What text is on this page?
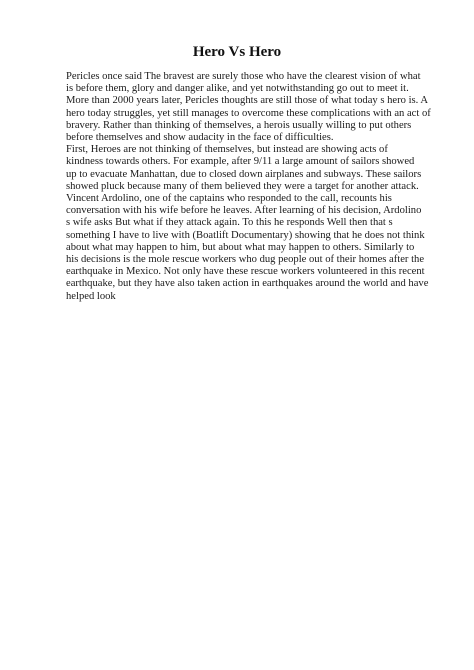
Hero Vs Hero
Pericles once said The bravest are surely those who have the clearest vision of what
is before them, glory and danger alike, and yet notwithstanding go out to meet it.
More than 2000 years later, Pericles thoughts are still those of what today s hero is. A
hero today struggles, yet still manages to overcome these complications with an act of
bravery. Rather than thinking of themselves, a herois usually willing to put others
before themselves and show audacity in the face of difficulties.
First, Heroes are not thinking of themselves, but instead are showing acts of
kindness towards others. For example, after 9/11 a large amount of sailors showed
up to evacuate Manhattan, due to closed down airplanes and subways. These sailors
showed pluck because many of them believed they were a target for another attack.
Vincent Ardolino, one of the captains who responded to the call, recounts his
conversation with his wife before he leaves. After learning of his decision, Ardolino
s wife asks But what if they attack again. To this he responds Well then that s
something I have to live with (Boatlift Documentary) showing that he does not think
about what may happen to him, but about what may happen to others. Similarly to
his decisions is the mole rescue workers who dug people out of their homes after the
earthquake in Mexico. Not only have these rescue workers volunteered in this recent
earthquake, but they have also taken action in earthquakes around the world and have
helped look
